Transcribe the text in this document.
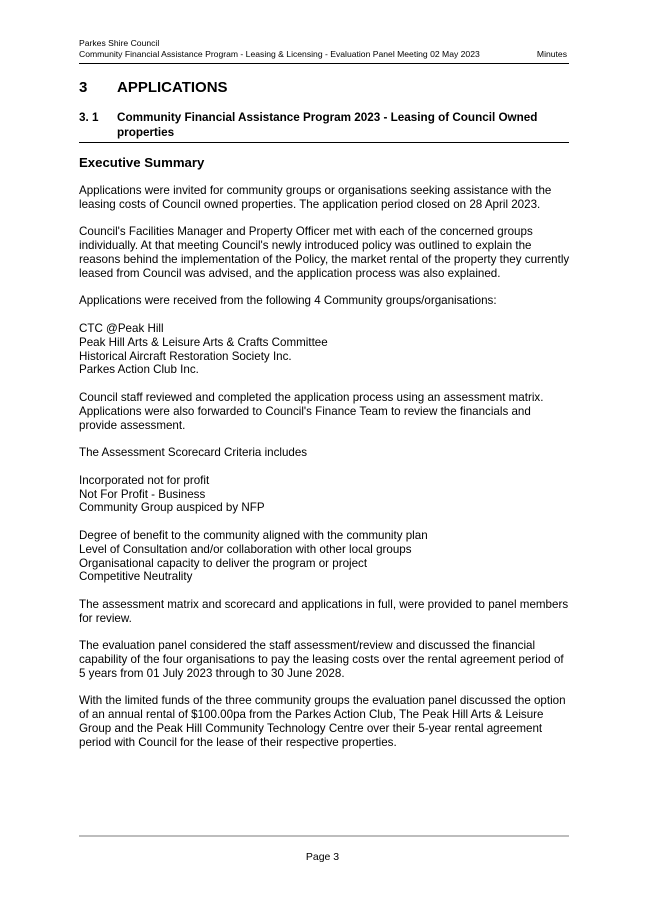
Parkes Shire Council
Community Financial Assistance Program - Leasing & Licensing - Evaluation Panel Meeting 02 May 2023	Minutes
3	APPLICATIONS
3. 1	Community Financial Assistance Program 2023 - Leasing of Council Owned properties
Executive Summary

Applications were invited for community groups or organisations seeking assistance with the leasing costs of Council owned properties. The application period closed on 28 April 2023.

Council's Facilities Manager and Property Officer met with each of the concerned groups individually. At that meeting Council's newly introduced policy was outlined to explain the reasons behind the implementation of the Policy, the market rental of the property they currently leased from Council was advised, and the application process was also explained.

Applications were received from the following 4 Community groups/organisations:

CTC @Peak Hill
Peak Hill Arts & Leisure Arts & Crafts Committee
Historical Aircraft Restoration Society Inc.
Parkes Action Club Inc.

Council staff reviewed and completed the application process using an assessment matrix. Applications were also forwarded to Council's Finance Team to review the financials and provide assessment.

The Assessment Scorecard Criteria includes

Incorporated not for profit
Not For Profit - Business
Community Group auspiced by NFP

Degree of benefit to the community aligned with the community plan
Level of Consultation and/or collaboration with other local groups
Organisational capacity to deliver the program or project
Competitive Neutrality

The assessment matrix and scorecard and applications in full, were provided to panel members for review.

The evaluation panel considered the staff assessment/review and discussed the financial capability of the four organisations to pay the leasing costs over the rental agreement period of 5 years from 01 July 2023 through to 30 June 2028.

With the limited funds of the three community groups the evaluation panel discussed the option of an annual rental of $100.00pa from the Parkes Action Club, The Peak Hill Arts & Leisure Group and the Peak Hill Community Technology Centre over their 5-year rental agreement period with Council for the lease of their respective properties.

Page 3
